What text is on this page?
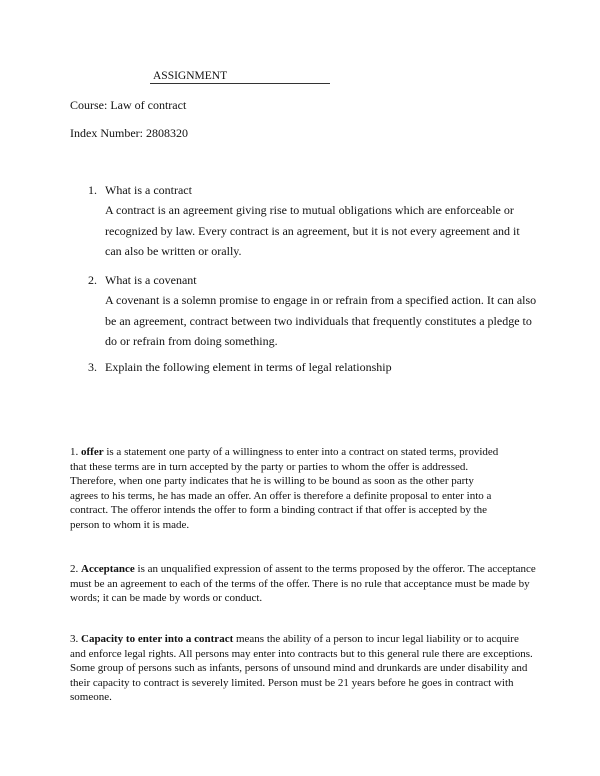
ASSIGNMENT
Course: Law of contract
Index Number: 2808320
1. What is a contract
A contract is an agreement giving rise to mutual obligations which are enforceable or
recognized by law. Every contract is an agreement, but it is not every agreement and it
can also be written or orally.
2. What is a covenant
A covenant is a solemn promise to engage in or refrain from a specified action. It can also
be an agreement, contract between two individuals that frequently constitutes a pledge to
do or refrain from doing something.
3. Explain the following element in terms of legal relationship
1. offer is a statement one party of a willingness to enter into a contract on stated terms, provided
that these terms are in turn accepted by the party or parties to whom the offer is addressed.
Therefore, when one party indicates that he is willing to be bound as soon as the other party
agrees to his terms, he has made an offer. An offer is therefore a definite proposal to enter into a
contract. The offeror intends the offer to form a binding contract if that offer is accepted by the
person to whom it is made.
2. Acceptance is an unqualified expression of assent to the terms proposed by the offeror. The acceptance
must be an agreement to each of the terms of the offer. There is no rule that acceptance must be made by
words; it can be made by words or conduct.
3. Capacity to enter into a contract means the ability of a person to incur legal liability or to acquire
and enforce legal rights. All persons may enter into contracts but to this general rule there are exceptions.
Some group of persons such as infants, persons of unsound mind and drunkards are under disability and
their capacity to contract is severely limited. Person must be 21 years before he goes in contract with
someone.
